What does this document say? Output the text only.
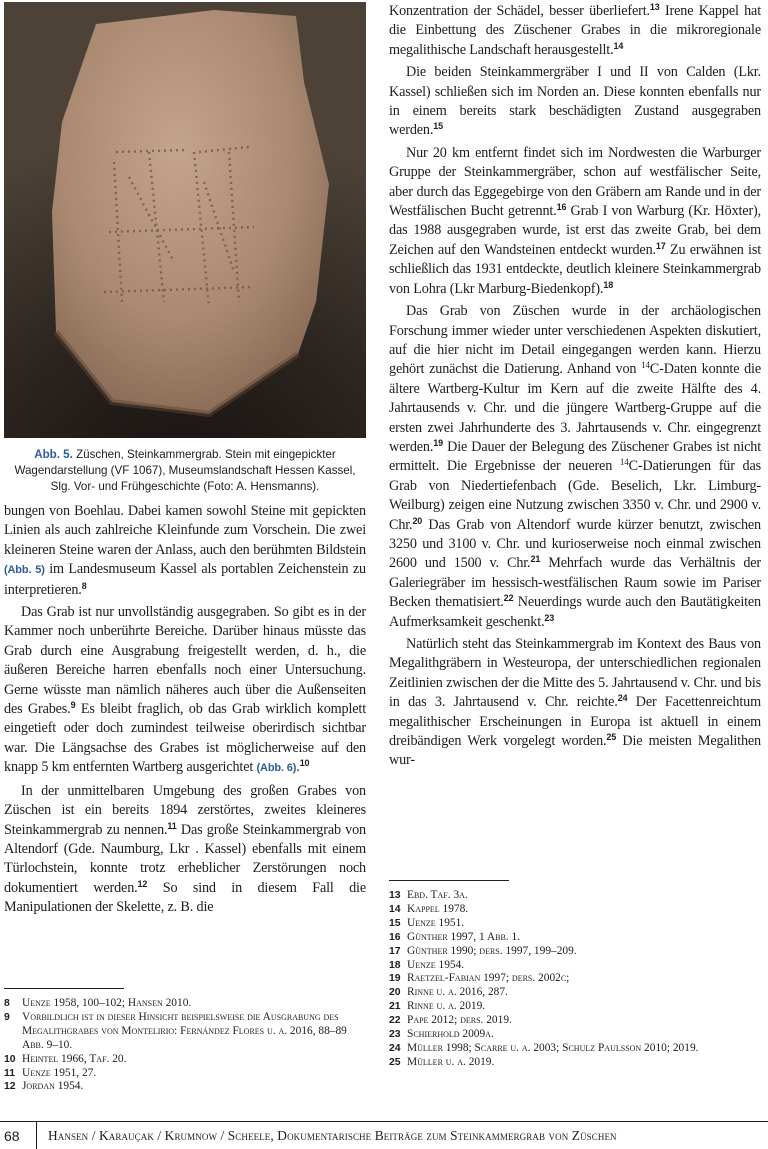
Abb. 5. Züschen, Steinkammergrab. Stein mit eingepickter Wagendarstellung (VF 1067), Museumslandschaft Hessen Kassel, Slg. Vor- und Frühgeschichte (Foto: A. Hensmanns).

bungen von Boehlau. Dabei kamen sowohl Steine mit gepickten Linien als auch zahlreiche Kleinfunde zum Vorschein. Die zwei kleineren Steine waren der Anlass, auch den berühmten Bildstein (Abb. 5) im Landesmuseum Kassel als portablen Zeichenstein zu interpretieren.$^8$

Das Grab ist nur unvollständig ausgegraben. So gibt es in der Kammer noch unberührte Bereiche. Darüber hinaus müsste das Grab durch eine Ausgrabung freigestellt werden, d. h., die äußeren Bereiche harren ebenfalls noch einer Untersuchung. Gerne wüsste man nämlich näheres auch über die Außenseiten des Grabes.$^9$ Es bleibt fraglich, ob das Grab wirklich komplett eingetieft oder doch zumindest teilweise oberirdisch sichtbar war. Die Längsachse des Grabes ist möglicherweise auf den knapp 5 km entfernten Wartberg ausgerichtet (Abb. 6).$^{10}$

In der unmittelbaren Umgebung des großen Grabes von Züschen ist ein bereits 1894 zerstörtes, zweites kleineres Steinkammergrab zu nennen.$^{11}$ Das große Steinkammergrab von Altendorf (Gde. Naumburg, Lkr . Kassel) ebenfalls mit einem Türlochstein, konnte trotz erheblicher Zerstörungen noch dokumentiert werden.$^{12}$ So sind in diesem Fall die Manipulationen der Skelette, z. B. die

8 Uenze 1958, 100–102; Hansen 2010.
9 Vorbildlich ist in dieser Hinsicht beispielsweise die Ausgrabung des Megalithgrabes von Montelirio: Fernández Flores u. a. 2016, 88–89 Abb. 9–10.
10 Heintel 1966, Taf. 20.
11 Uenze 1951, 27.
12 Jordan 1954.

Konzentration der Schädel, besser überliefert.$^{13}$ Irene Kappel hat die Einbettung des Züschener Grabes in die mikroregionale megalithische Landschaft herausgestellt.$^{14}$

Die beiden Steinkammergräber I und II von Calden (Lkr. Kassel) schließen sich im Norden an. Diese konnten ebenfalls nur in einem bereits stark beschädigten Zustand ausgegraben werden.$^{15}$

Nur 20 km entfernt findet sich im Nordwesten die Warburger Gruppe der Steinkammergräber, schon auf westfälischer Seite, aber durch das Eggegebirge von den Gräbern am Rande und in der Westfälischen Bucht getrennt.$^{16}$ Grab I von Warburg (Kr. Höxter), das 1988 ausgegraben wurde, ist erst das zweite Grab, bei dem Zeichen auf den Wandsteinen entdeckt wurden.$^{17}$ Zu erwähnen ist schließlich das 1931 entdeckte, deutlich kleinere Steinkammergrab von Lohra (Lkr Marburg-Biedenkopf).$^{18}$

Das Grab von Züschen wurde in der archäologischen Forschung immer wieder unter verschiedenen Aspekten diskutiert, auf die hier nicht im Detail eingegangen werden kann. Hierzu gehört zunächst die Datierung. Anhand von $^{14}$C-Daten konnte die ältere Wartberg-Kultur im Kern auf die zweite Hälfte des 4. Jahrtausends v. Chr. und die jüngere Wartberg-Gruppe auf die ersten zwei Jahrhunderte des 3. Jahrtausends v. Chr. eingegrenzt werden.$^{19}$ Die Dauer der Belegung des Züschener Grabes ist nicht ermittelt. Die Ergebnisse der neueren $^{14}$C-Datierungen für das Grab von Niedertiefenbach (Gde. Beselich, Lkr. Limburg-Weilburg) zeigen eine Nutzung zwischen 3350 v. Chr. und 2900 v. Chr.$^{20}$ Das Grab von Altendorf wurde kürzer benutzt, zwischen 3250 und 3100 v. Chr. und kurioserweise noch einmal zwischen 2600 und 1500 v. Chr.$^{21}$ Mehrfach wurde das Verhältnis der Galeriegräber im hessisch-westfälischen Raum sowie im Pariser Becken thematisiert.$^{22}$ Neuerdings wurde auch den Bautätigkeiten Aufmerksamkeit geschenkt.$^{23}$

Natürlich steht das Steinkammergrab im Kontext des Baus von Megalithgräbern in Westeuropa, der unterschiedlichen regionalen Zeitlinien zwischen der die Mitte des 5. Jahrtausend v. Chr. und bis in das 3. Jahrtausend v. Chr. reichte.$^{24}$ Der Facettenreichtum megalithischer Erscheinungen in Europa ist aktuell in einem dreibändigen Werk vorgelegt worden.$^{25}$ Die meisten Megalithen wur-

13 Ebd. Taf. 3a.
14 Kappel 1978.
15 Uenze 1951.
16 Günther 1997, 1 Abb. 1.
17 Günther 1990; ders. 1997, 199–209.
18 Uenze 1954.
19 Raetzel-Fabian 1997; ders. 2002c;
20 Rinne u. a. 2016, 287.
21 Rinne u. a. 2019.
22 Pape 2012; ders. 2019.
23 Schierhold 2009a.
24 Müller 1998; Scarre u. a. 2003; Schulz Paulsson 2010; 2019.
25 Müller u. a. 2019.
68 Hansen / Karauçak / Krumnow / Scheele, Dokumentarische Beiträge zum Steinkammergrab von Züschen
